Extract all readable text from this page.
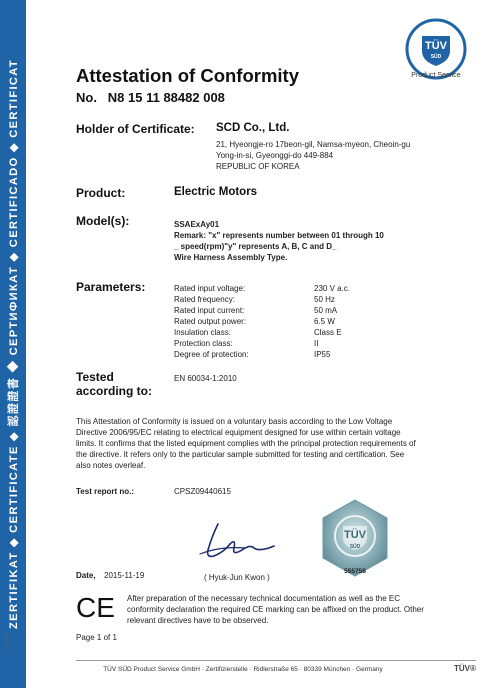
ZERTIFIKAT ◆ CERTIFICATE ◆ 認證證書 ◆ СЕРТИФИКАТ ◆ CERTIFICADO ◆ CERTIFICAT
A1 / 04.11
TÜV
SÜD
Product Service
Attestation of Conformity
No. N8 15 11 88482 008
Holder of Certificate: SCD Co., Ltd.
21, Hyeongje-ro 17beon-gil, Namsa-myeon, Cheoin-gu
Yong-in-si, Gyeonggi-do 449-884
REPUBLIC OF KOREA
Product:	Electric Motors
Model(s):	SSAExAy01
Remark: "x" represents number between 01 through 10
_ speed(rpm)"y" represents A, B, C and D_
Wire Harness Assembly Type.
Parameters:	Rated input voltage:	230 V a.c.
Rated frequency:	50 Hz
Rated input current:	50 mA
Rated output power:	6.5 W
Insulation class:	Class E
Protection class:	II
Degree of protection:	IP55
Tested
according to:
EN 60034-1:2010
This Attestation of Conformity is issued on a voluntary basis according to the Low Voltage
Directive 2006/95/EC relating to electrical equipment designed for use within certain voltage
limits. It confirms that the listed equipment complies with the principal protection requirements of
the directive. It refers only to the particular sample submitted for testing and certification. See
also notes overleaf.
Test report no.:	CPSZ09440615
Date, 2015-11-19	( Hyuk-Jun Kwon )
TÜV
SÜD
555758
CE After preparation of the necessary technical documentation as well as the EC
conformity declaration the required CE marking can be affixed on the product. Other
relevant directives have to be observed.
Page 1 of 1
TÜV SÜD Product Service GmbH · Zertifizierstelle · Ridlerstraße 65 · 80339 München · Germany	TÜV®
